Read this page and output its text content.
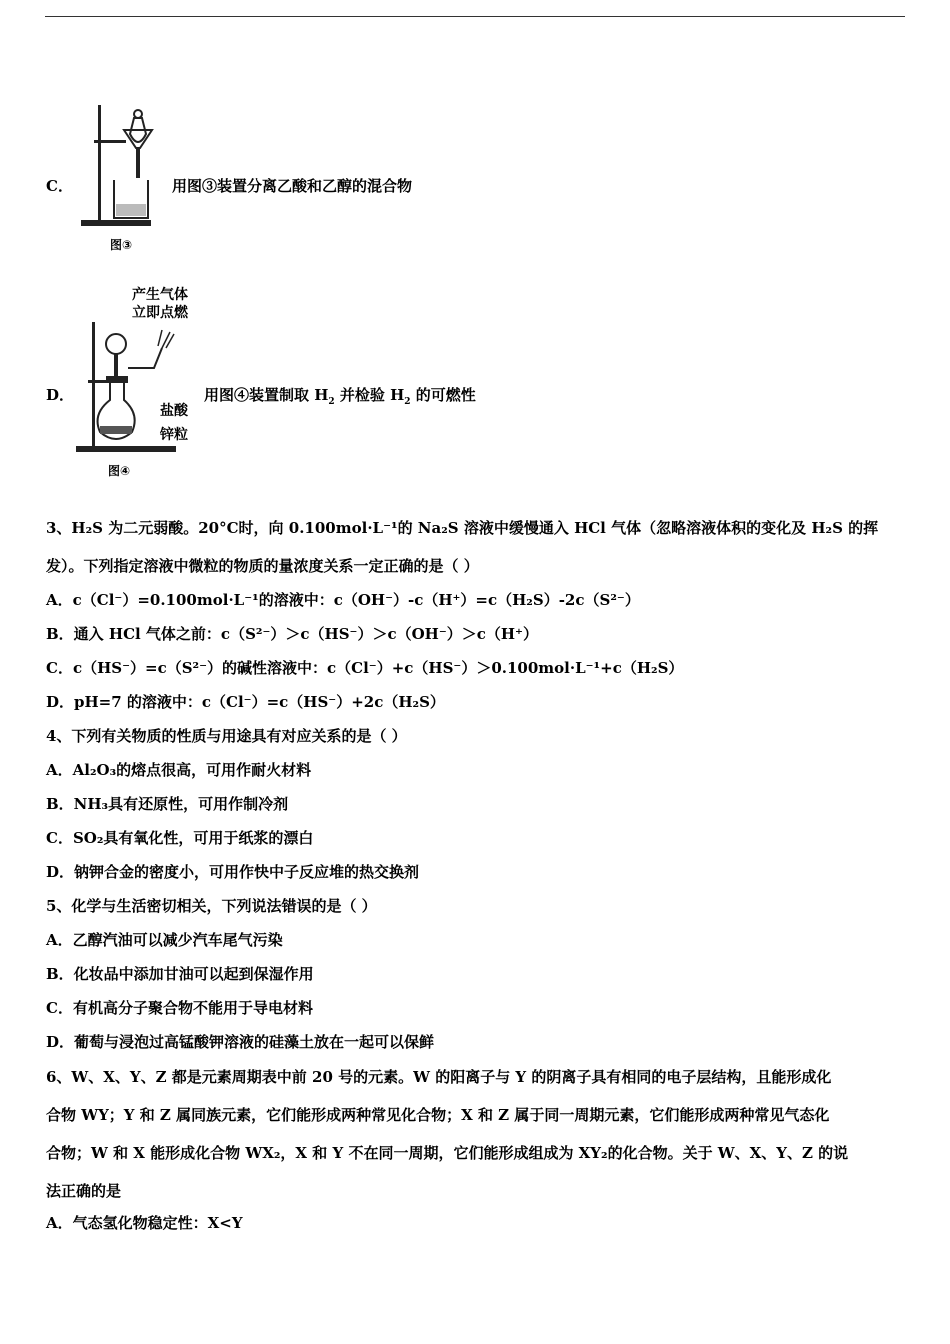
C．
图③
用图③装置分离乙酸和乙醇的混合物
D．
产生气体
立即点燃
盐酸
锌粒
图④
用图④装置制取 $H_2$ 并检验 $H_2$ 的可燃性
3、H₂S 为二元弱酸。20°C时，向 0.100mol·L⁻¹的 Na₂S 溶液中缓慢通入 HCl 气体（忽略溶液体积的变化及 H₂S 的挥
发）。下列指定溶液中微粒的物质的量浓度关系一定正确的是（ ）
A．c（Cl⁻）=0.100mol·L⁻¹的溶液中：c（OH⁻）-c（H⁺）=c（H₂S）-2c（S²⁻）
B．通入 HCl 气体之前：c（S²⁻）＞c（HS⁻）＞c（OH⁻）＞c（H⁺）
C．c（HS⁻）=c（S²⁻）的碱性溶液中：c（Cl⁻）+c（HS⁻）＞0.100mol·L⁻¹+c（H₂S）
D．pH=7 的溶液中：c（Cl⁻）=c（HS⁻）+2c（H₂S）
4、下列有关物质的性质与用途具有对应关系的是（ ）
A．Al₂O₃的熔点很高，可用作耐火材料
B．NH₃具有还原性，可用作制冷剂
C．SO₂具有氧化性，可用于纸浆的漂白
D．钠钾合金的密度小，可用作快中子反应堆的热交换剂
5、化学与生活密切相关，下列说法错误的是（ ）
A．乙醇汽油可以减少汽车尾气污染
B．化妆品中添加甘油可以起到保湿作用
C．有机高分子聚合物不能用于导电材料
D．葡萄与浸泡过高锰酸钾溶液的硅藻土放在一起可以保鲜
6、W、X、Y、Z 都是元素周期表中前 20 号的元素。W 的阳离子与 Y 的阴离子具有相同的电子层结构，且能形成化
合物 WY；Y 和 Z 属同族元素，它们能形成两种常见化合物；X 和 Z 属于同一周期元素，它们能形成两种常见气态化
合物；W 和 X 能形成化合物 WX₂，X 和 Y 不在同一周期，它们能形成组成为 XY₂的化合物。关于 W、X、Y、Z 的说
法正确的是
A．气态氢化物稳定性：X<Y
